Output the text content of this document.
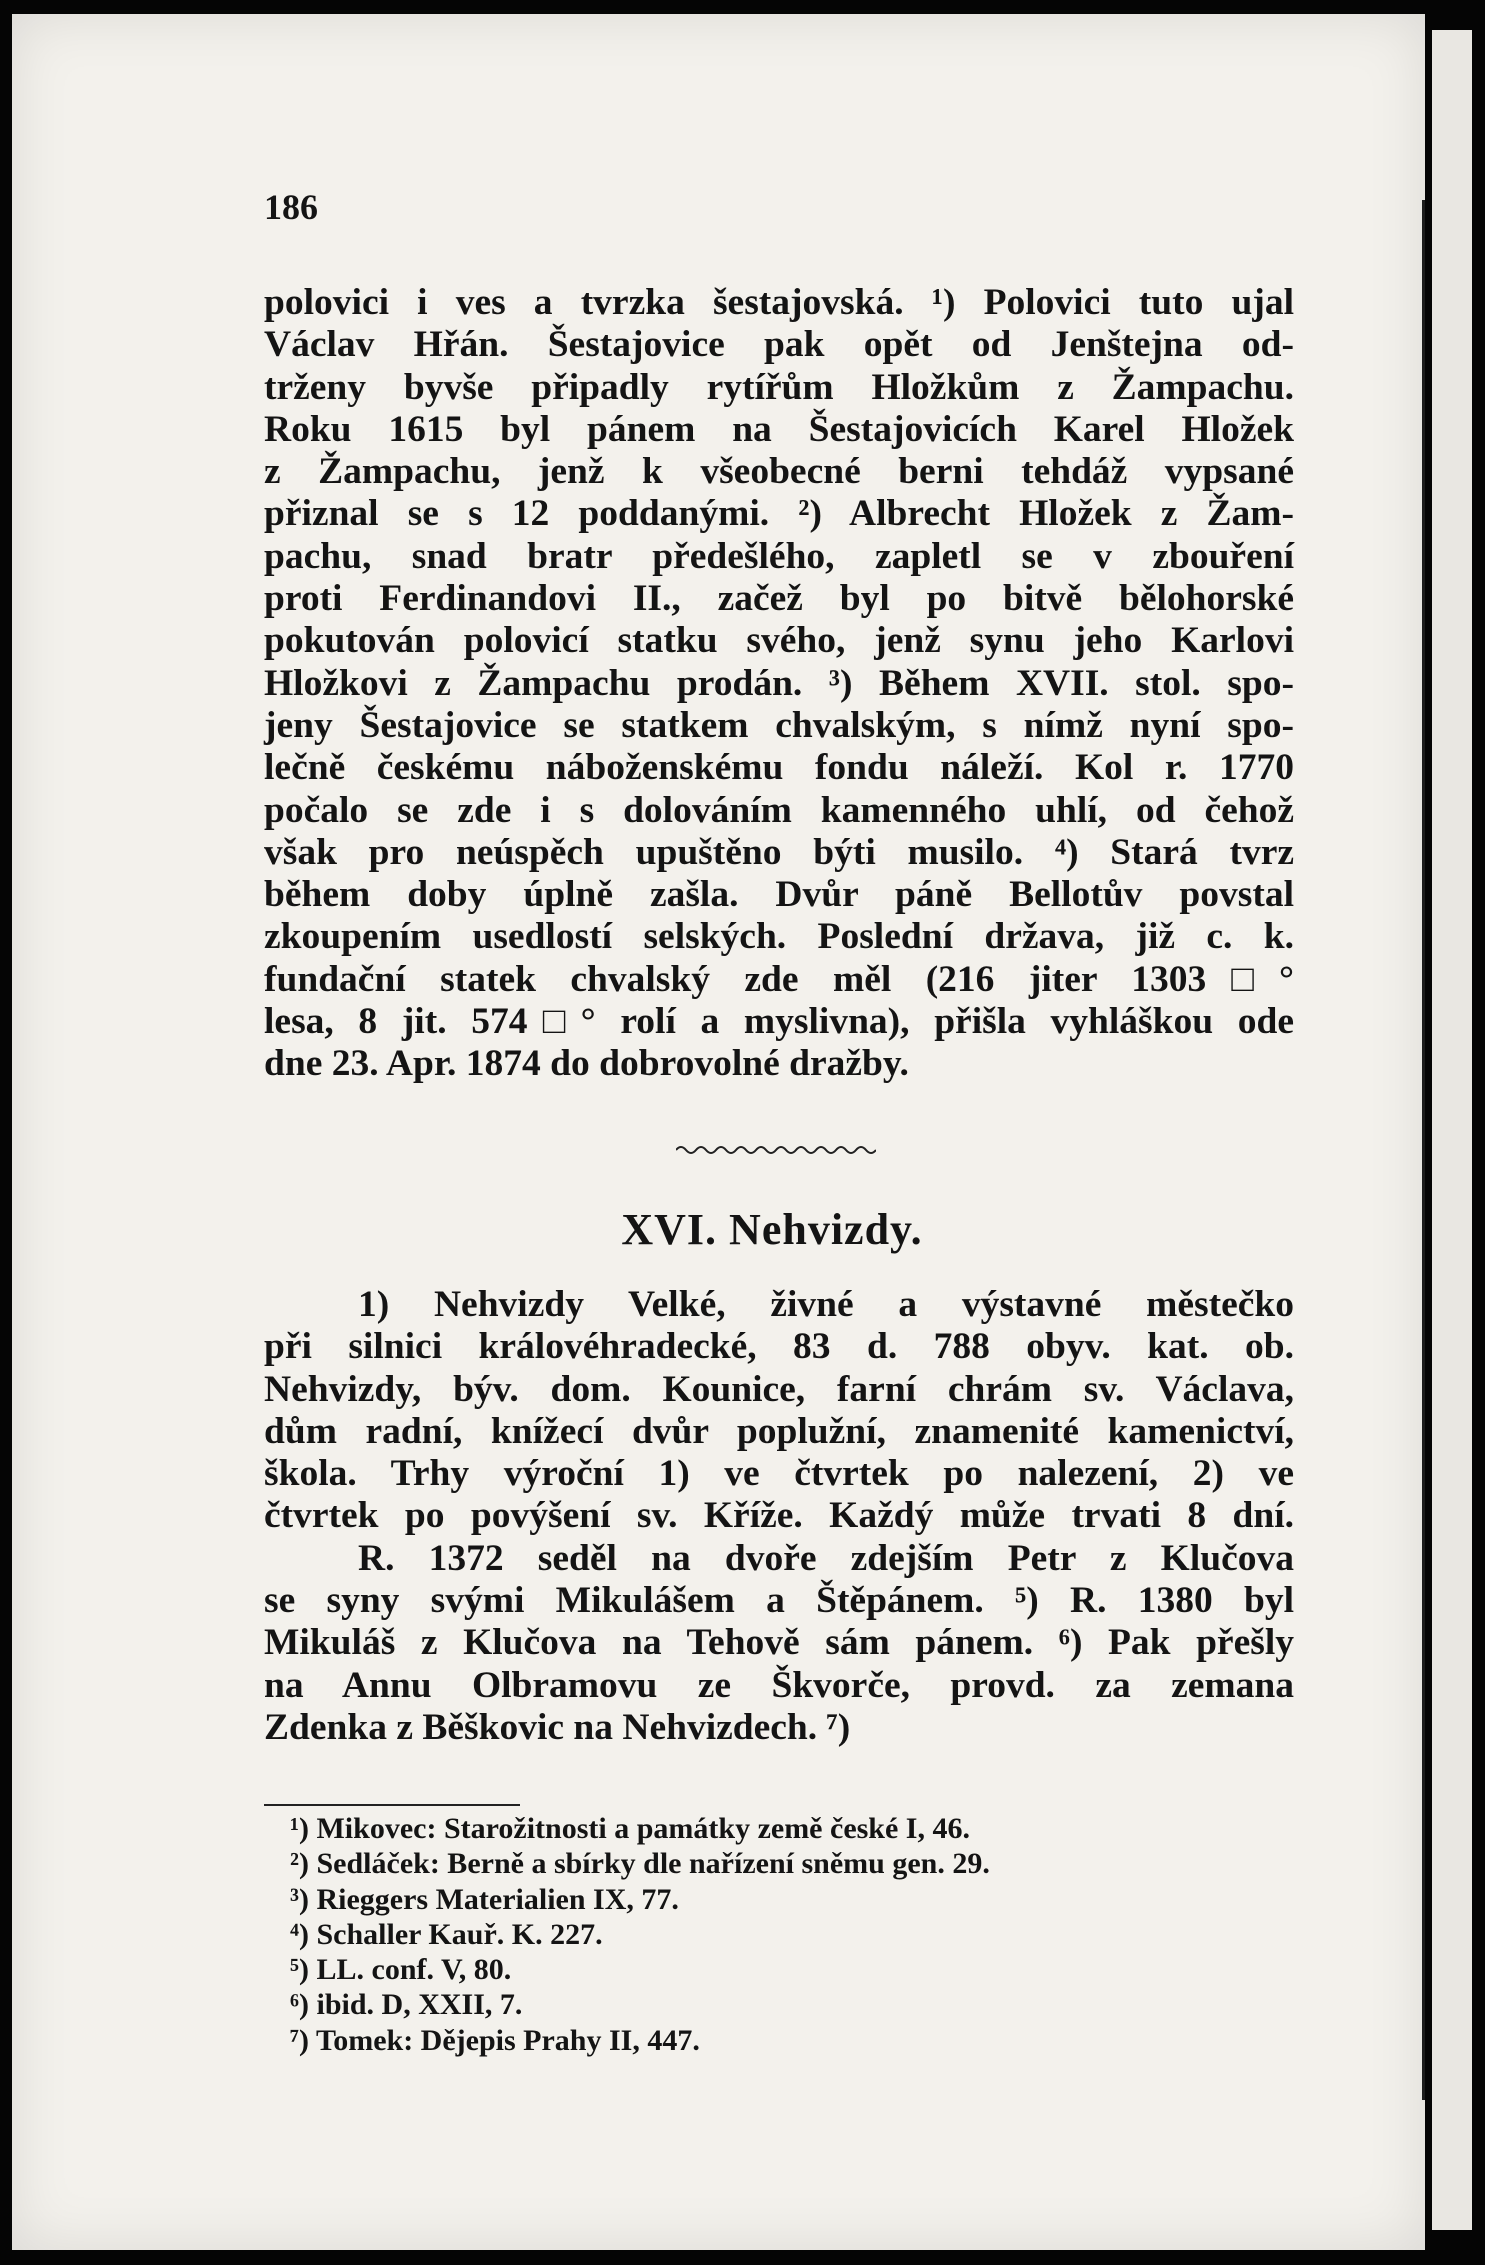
186
polovici i ves a tvrzka šestajovská. ¹) Polovici tuto ujal
Václav Hřán. Šestajovice pak opět od Jenštejna od-
trženy byvše připadly rytířům Hložkům z Žampachu.
Roku 1615 byl pánem na Šestajovicích Karel Hložek
z Žampachu, jenž k všeobecné berni tehdáž vypsané
přiznal se s 12 poddanými. ²) Albrecht Hložek z Žam-
pachu, snad bratr předešlého, zapletl se v zbouření
proti Ferdinandovi II., začež byl po bitvě bělohorské
pokutován polovicí statku svého, jenž synu jeho Karlovi
Hložkovi z Žampachu prodán. ³) Během XVII. stol. spo-
jeny Šestajovice se statkem chvalským, s nímž nyní spo-
lečně českému náboženskému fondu náleží. Kol r. 1770
počalo se zde i s dolováním kamenného uhlí, od čehož
však pro neúspěch upuštěno býti musilo. ⁴) Stará tvrz
během doby úplně zašla. Dvůr páně Bellotův povstal
zkoupením usedlostí selských. Poslední država, již c. k.
fundační statek chvalský zde měl (216 jiter 1303□°
lesa, 8 jit. 574□° rolí a myslivna), přišla vyhláškou ode
dne 23. Apr. 1874 do dobrovolné dražby.
XVI. Nehvizdy.
1) Nehvizdy Velké, živné a výstavné městečko
při silnici královéhradecké, 83 d. 788 obyv. kat. ob.
Nehvizdy, býv. dom. Kounice, farní chrám sv. Václava,
dům radní, knížecí dvůr poplužní, znamenité kamenictví,
škola. Trhy výroční 1) ve čtvrtek po nalezení, 2) ve
čtvrtek po povýšení sv. Kříže. Každý může trvati 8 dní.
R. 1372 seděl na dvoře zdejším Petr z Klučova
se syny svými Mikulášem a Štěpánem. ⁵) R. 1380 byl
Mikuláš z Klučova na Tehově sám pánem. ⁶) Pak přešly
na Annu Olbramovu ze Škvorče, provd. za zemana
Zdenka z Běškovic na Nehvizdech. ⁷)
¹) Mikovec: Starožitnosti a památky země české I, 46.
²) Sedláček: Berně a sbírky dle nařízení sněmu gen. 29.
³) Rieggers Materialien IX, 77.
⁴) Schaller Kauř. K. 227.
⁵) LL. conf. V, 80.
⁶) ibid. D, XXII, 7.
⁷) Tomek: Dějepis Prahy II, 447.
